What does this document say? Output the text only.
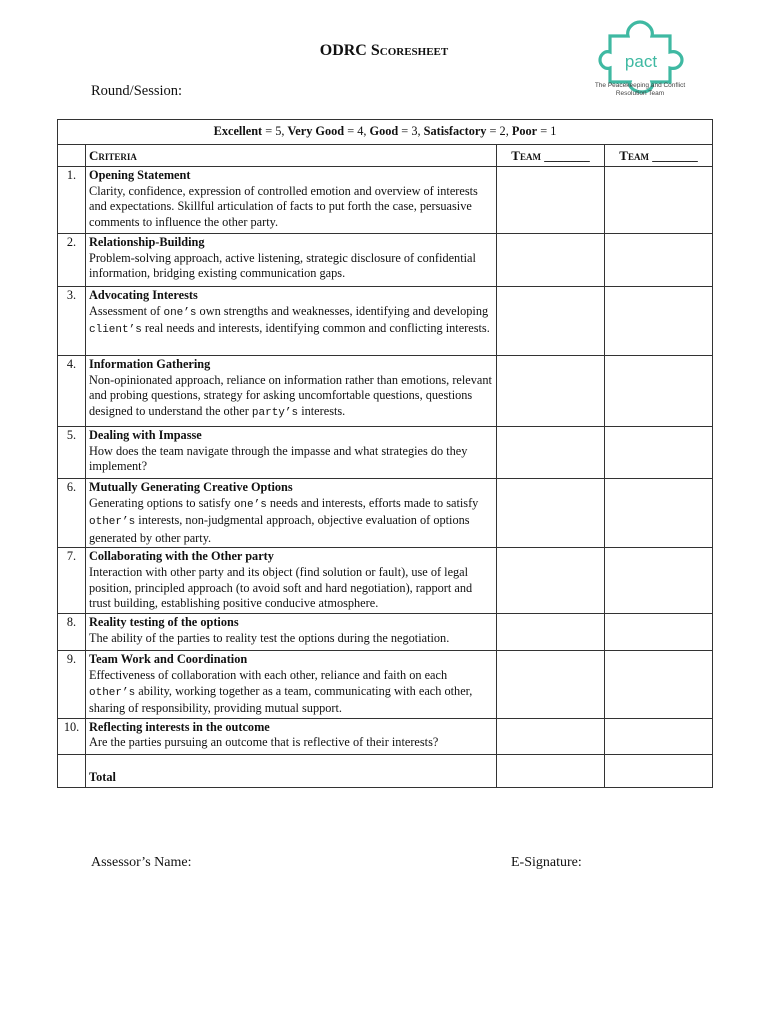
ODRC Scoresheet
pact
The Peacekeeping and Conflict Resolution Team
Round/Session:
Excellent = 5, Very Good = 4, Good = 3, Satisfactory = 2, Poor = 1			
	Criteria	Team _______	Team _______
1.	Opening Statement
Clarity, confidence, expression of controlled emotion and overview of interests and expectations. Skillful articulation of facts to put forth the case, persuasive comments to influence the other party.		

2.	Relationship-Building
Problem-solving approach, active listening, strategic disclosure of confidential information, bridging existing communication gaps.		

3.	Advocating Interests
Assessment of one’s own strengths and weaknesses, identifying and developing client’s real needs and interests, identifying common and conflicting interests.		

4.	Information Gathering
Non-opinionated approach, reliance on information rather than emotions, relevant and probing questions, strategy for asking uncomfortable questions, questions designed to understand the other party’s interests.		

5.	Dealing with Impasse
How does the team navigate through the impasse and what strategies do they implement?		

6.	Mutually Generating Creative Options
Generating options to satisfy one’s needs and interests, efforts made to satisfy other’s interests, non-judgmental approach, objective evaluation of options generated by other party.		

7.	Collaborating with the Other party
Interaction with other party and its object (find solution or fault), use of legal position, principled approach (to avoid soft and hard negotiation), rapport and trust building, establishing positive conducive atmosphere.		

8.	Reality testing of the options
The ability of the parties to reality test the options during the negotiation.		

9.	Team Work and Coordination
Effectiveness of collaboration with each other, reliance and faith on each other’s ability, working together as a team, communicating with each other, sharing of responsibility, providing mutual support.		

10.	Reflecting interests in the outcome
Are the parties pursuing an outcome that is reflective of their interests?		

	Total		
Assessor’s Name:	E-Signature:
